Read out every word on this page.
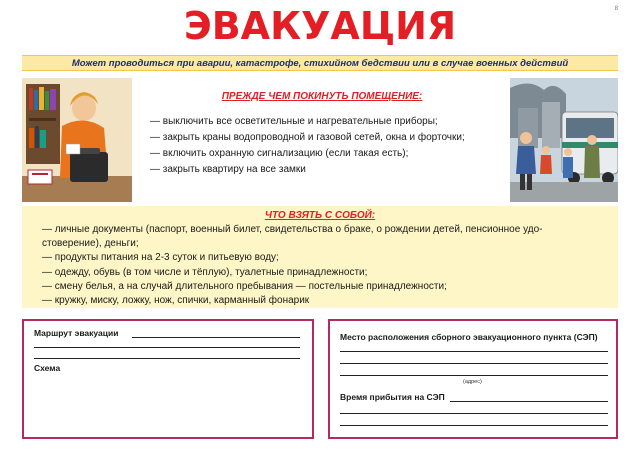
ЭВАКУАЦИЯ	8
Может проводиться при аварии, катастрофе, стихийном бедствии или в случае военных действий
ПРЕЖДЕ ЧЕМ ПОКИНУТЬ ПОМЕЩЕНИЕ:
— выключить все осветительные и нагревательные приборы;
— закрыть краны водопроводной и газовой сетей, окна и форточки;
— включить охранную сигнализацию (если такая есть);
— закрыть квартиру на все замки
ЧТО ВЗЯТЬ С СОБОЙ:
— личные документы (паспорт, военный билет, свидетельства о браке, о рождении детей, пенсионное удо-
стоверение), деньги;
— продукты питания на 2-3 суток и питьевую воду;
— одежду, обувь (в том числе и тёплую), туалетные принадлежности;
— смену белья, а на случай длительного пребывания — постельные принадлежности;
— кружку, миску, ложку, нож, спички, карманный фонарик
Маршрут эвакуации
Схема
Место расположения сборного эвакуационного пункта (СЭП)
(адрес)
Время прибытия на СЭП
